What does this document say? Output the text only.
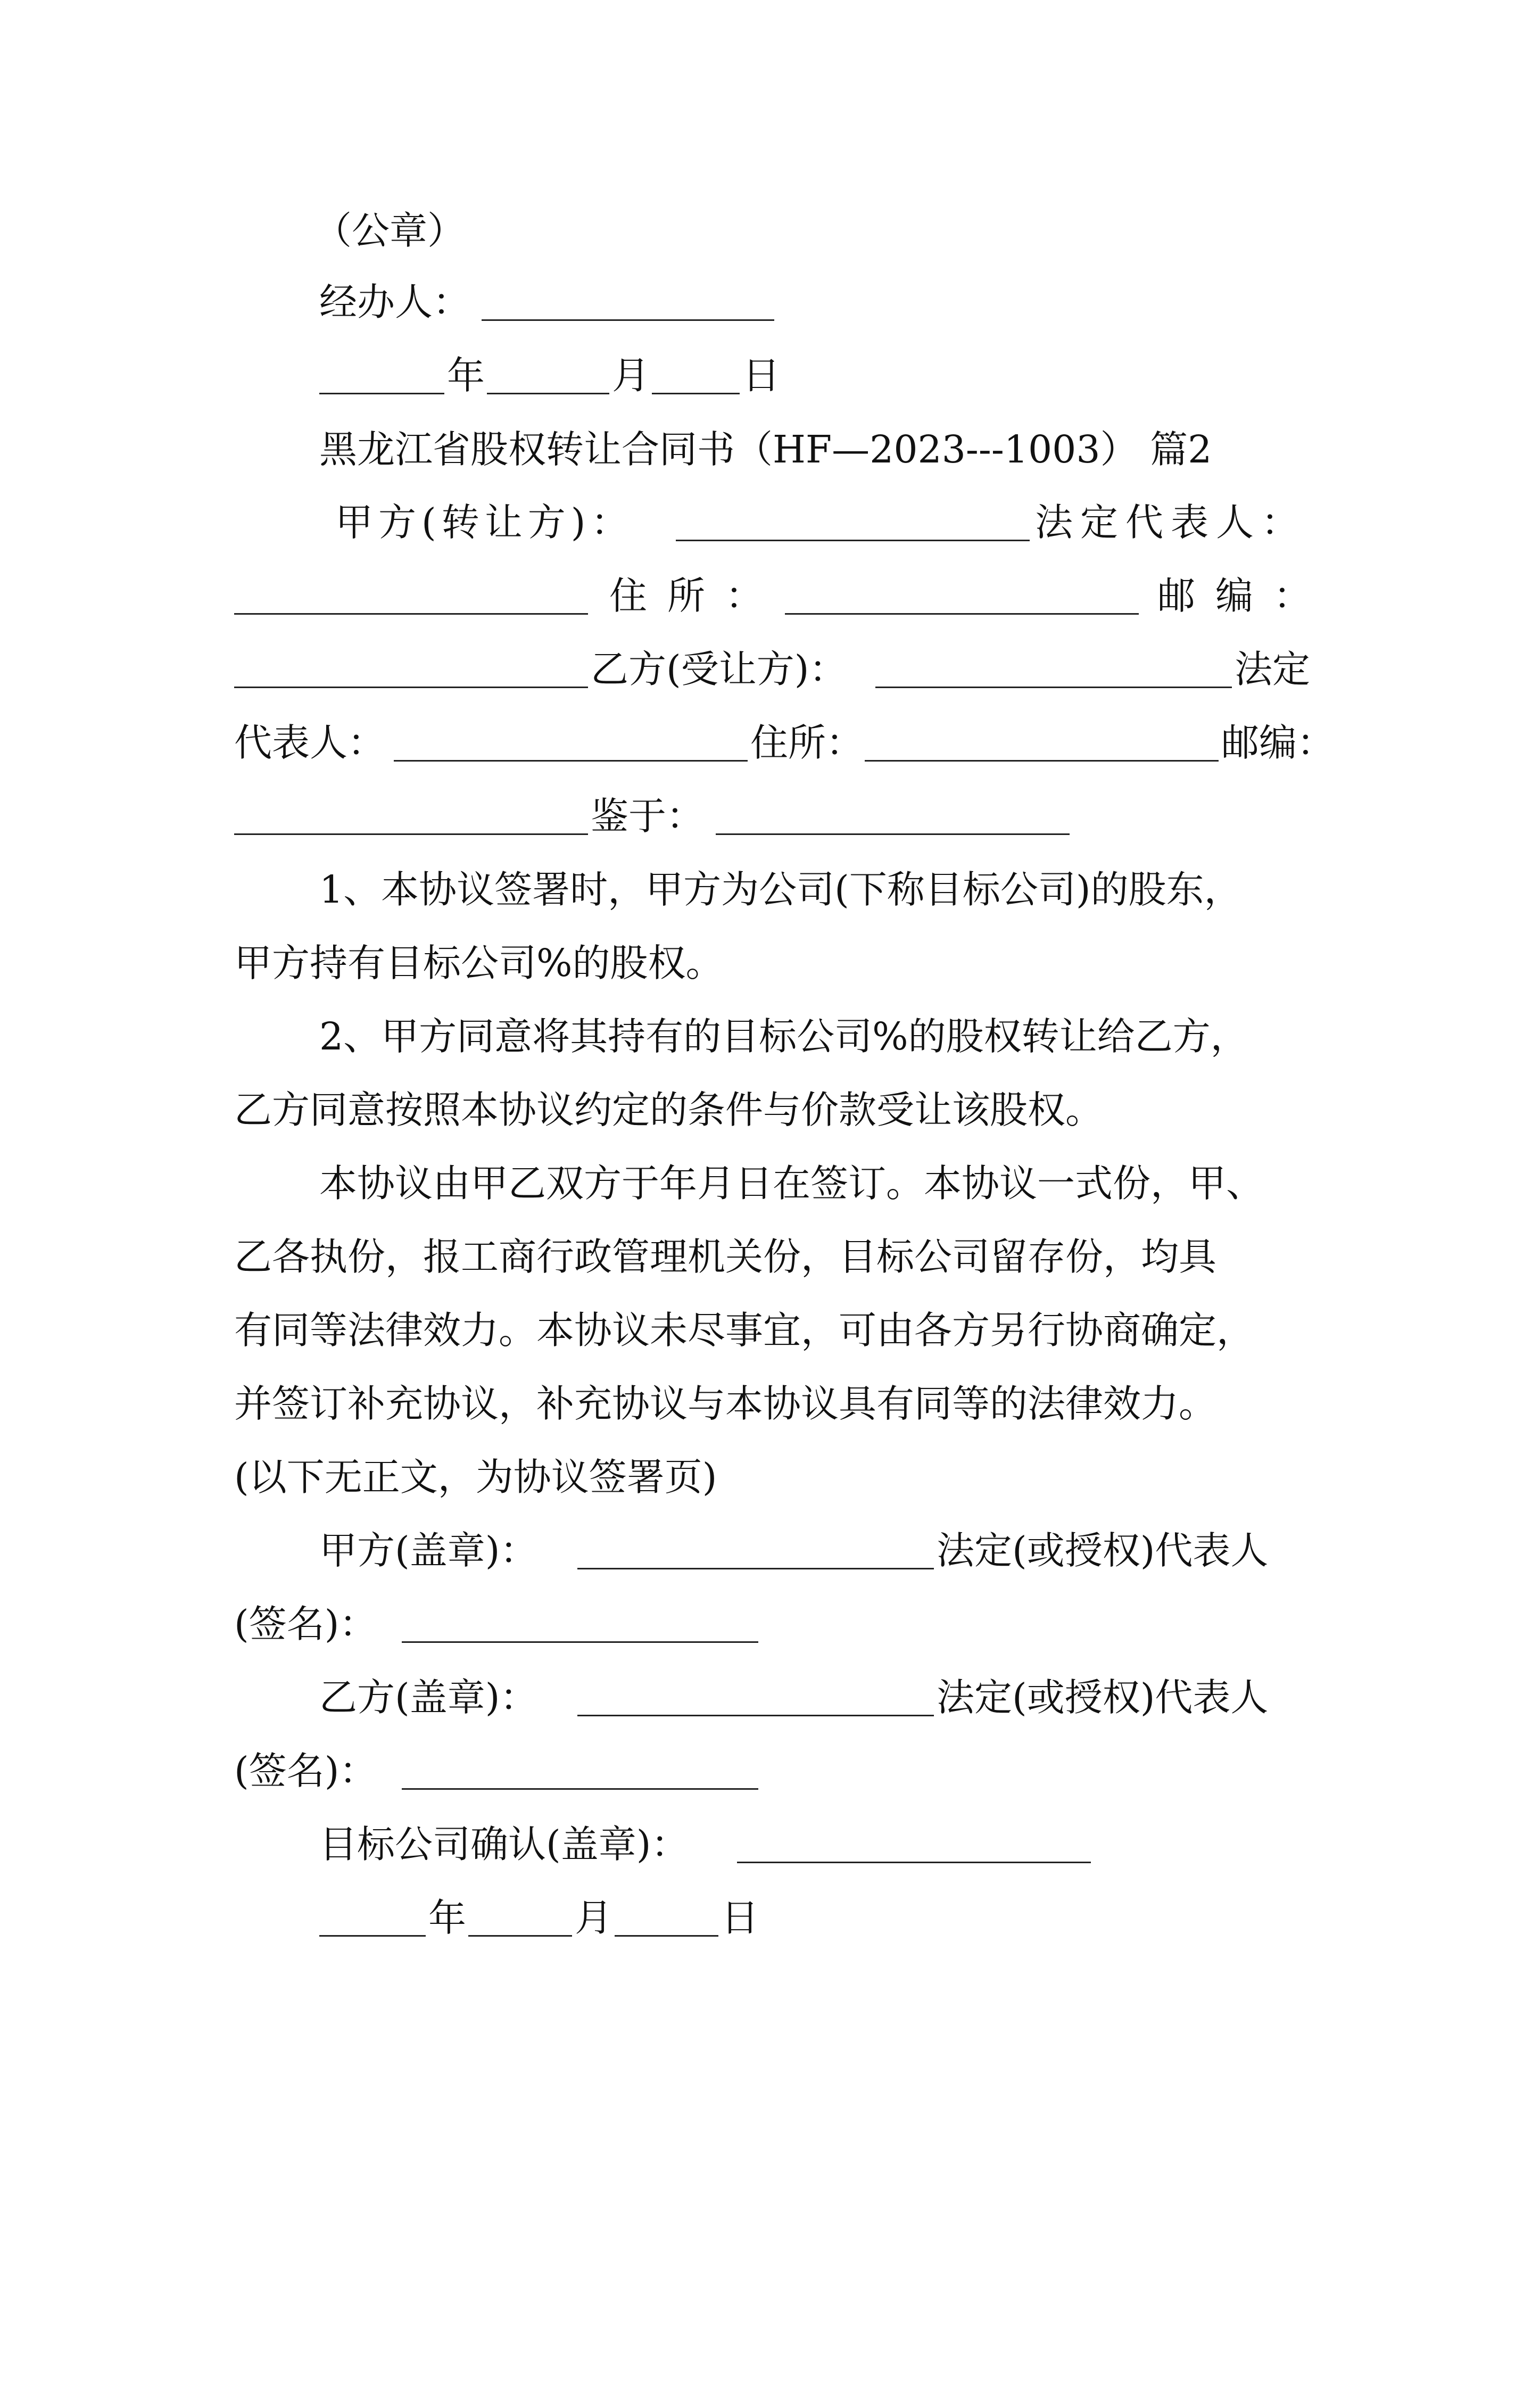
（公章）

经办人：

年

	月

日

黑龙江省股权转让合同书（HF—2023---1003） 篇2

甲方(转让方)：

	法定代表人：

住所：

	邮编：

乙方(受让方)：

	法定

代表人：

	住所：

	邮编：

鉴于：

1、本协议签署时，甲方为公司(下称目标公司)的股东，

甲方持有目标公司%的股权。

2、甲方同意将其持有的目标公司%的股权转让给乙方，

乙方同意按照本协议约定的条件与价款受让该股权。

本协议由甲乙双方于年月日在签订。本协议一式份，甲、

乙各执份，报工商行政管理机关份，目标公司留存份，均具

有同等法律效力。本协议未尽事宜，可由各方另行协商确定，

并签订补充协议，补充协议与本协议具有同等的法律效力。

(以下无正文，为协议签署页)

甲方(盖章)：

	法定(或授权)代表人

(签名)：

乙方(盖章)：

	法定(或授权)代表人

(签名)：

目标公司确认(盖章)：

年

	月

	日
